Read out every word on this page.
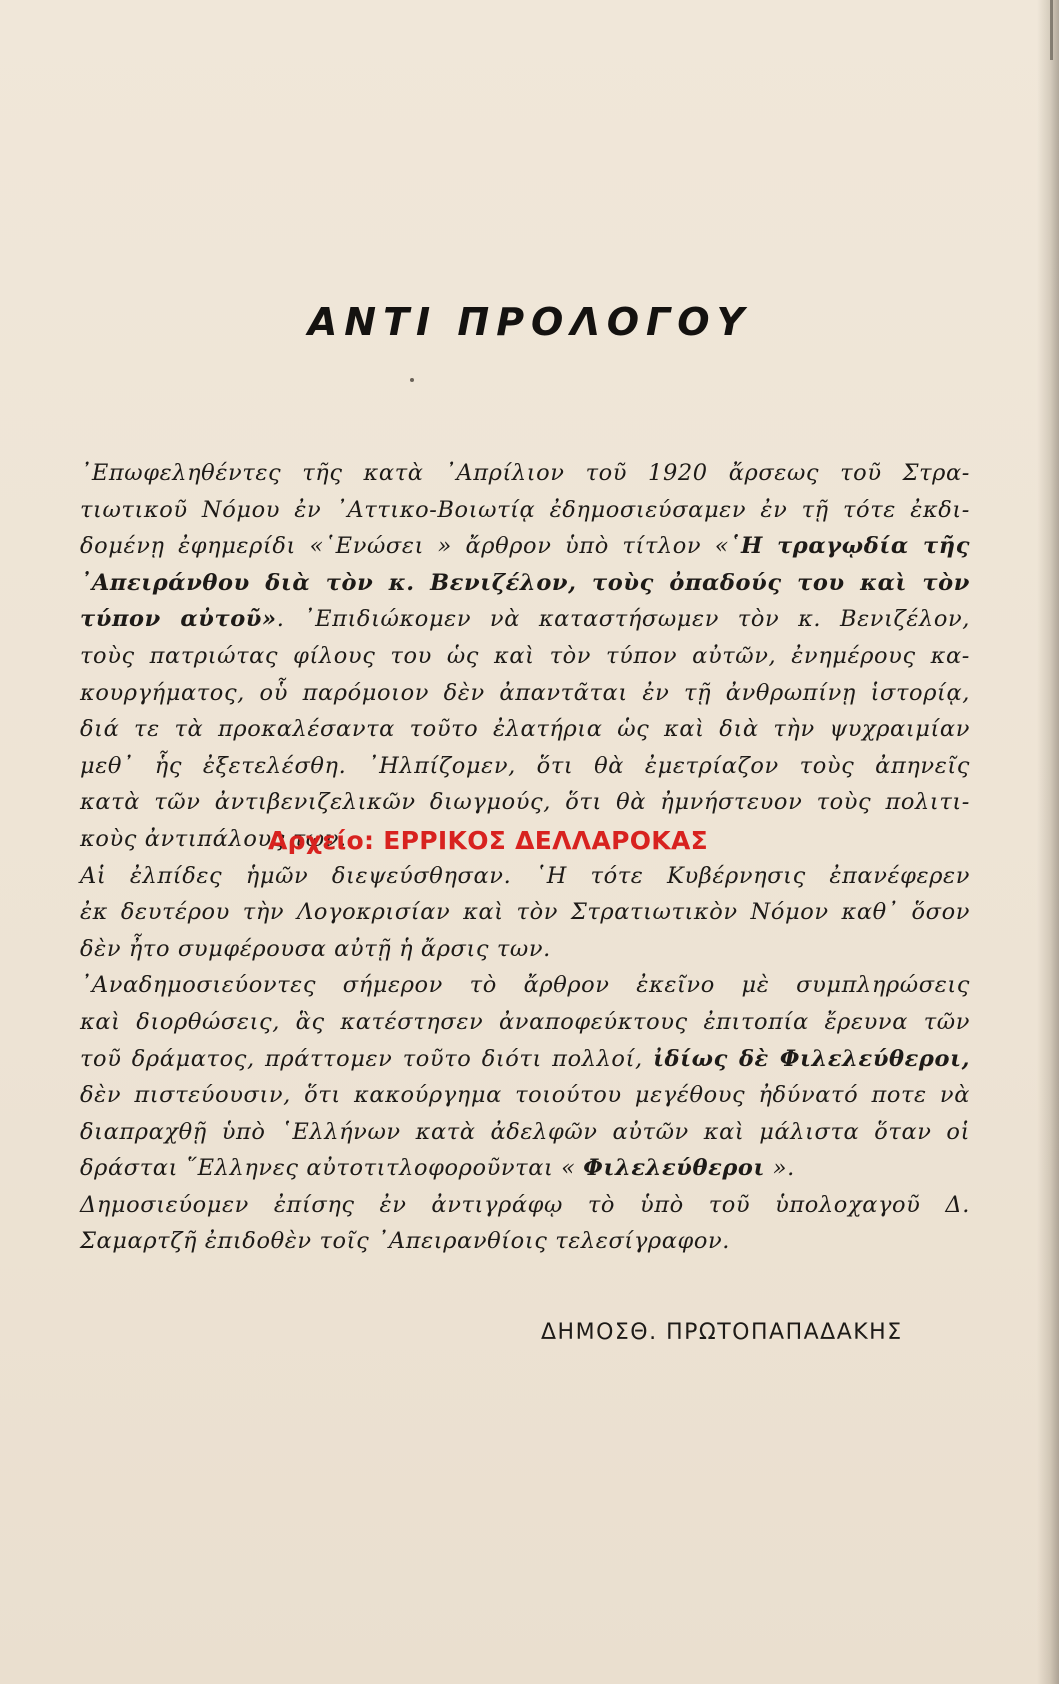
ΑΝΤΙ ΠΡΟΛΟΓΟΥ
᾿Επωφεληθέντες τῆς κατὰ ᾿Απρίλιον τοῦ 1920 ἄρσεως τοῦ Στρα-
τιωτικοῦ Νόμου ἐν ᾿Αττικο-Βοιωτίᾳ ἐδημοσιεύσαμεν ἐν τῇ τότε ἐκδι-
δομένῃ ἐφημερίδι «῾Ενώσει » ἄρθρον ὑπὸ τίτλον «῾Η τραγῳδία τῆς
᾿Απειράνθου διὰ τὸν κ. Βενιζέλον, τοὺς ὀπαδούς του καὶ τὸν
τύπον αὐτοῦ». ᾿Επιδιώκομεν νὰ καταστήσωμεν τὸν κ. Βενιζέλον,
τοὺς πατριώτας φίλους του ὡς καὶ τὸν τύπον αὐτῶν, ἐνημέρους κα-
κουργήματος, οὗ παρόμοιον δὲν ἀπαντᾶται ἐν τῇ ἀνθρωπίνῃ ἱστορίᾳ,
διά τε τὰ προκαλέσαντα τοῦτο ἐλατήρια ὡς καὶ διὰ τὴν ψυχραιμίαν
μεθ᾿ ἧς ἐξετελέσθη. ᾿Ηλπίζομεν, ὅτι θὰ ἐμετρίαζον τοὺς ἀπηνεῖς
κατὰ τῶν ἀντιβενιζελικῶν διωγμούς, ὅτι θὰ ἠμνήστευον τοὺς πολιτι-
κοὺς ἀντιπάλους των.
Αἱ ἐλπίδες ἡμῶν διεψεύσθησαν. ῾Η τότε Κυβέρνησις ἐπανέφερεν
ἐκ δευτέρου τὴν Λογοκρισίαν καὶ τὸν Στρατιωτικὸν Νόμον καθ᾿ ὅσον
δὲν ἦτο συμφέρουσα αὐτῇ ἡ ἄρσις των.
᾿Αναδημοσιεύοντες σήμερον τὸ ἄρθρον ἐκεῖνο μὲ συμπληρώσεις
καὶ διορθώσεις, ἃς κατέστησεν ἀναποφεύκτους ἐπιτοπία ἔρευνα τῶν
τοῦ δράματος, πράττομεν τοῦτο διότι πολλοί, ἰδίως δὲ Φιλελεύθεροι,
δὲν πιστεύουσιν, ὅτι κακούργημα τοιούτου μεγέθους ἠδύνατό ποτε νὰ
διαπραχθῇ ὑπὸ ῾Ελλήνων κατὰ ἀδελφῶν αὐτῶν καὶ μάλιστα ὅταν οἱ
δράσται ῞Ελληνες αὐτοτιτλοφοροῦνται « Φιλελεύθεροι ».
Δημοσιεύομεν ἐπίσης ἐν ἀντιγράφῳ τὸ ὑπὸ τοῦ ὑπολοχαγοῦ Δ.
Σαμαρτζῆ ἐπιδοθὲν τοῖς ᾿Απειρανθίοις τελεσίγραφον.
Αρχείο: ΕΡΡΙΚΟΣ ΔΕΛΛΑΡΟΚΑΣ
ΔΗΜΟΣΘ. ΠΡΩΤΟΠΑΠΑΔΑΚΗΣ
